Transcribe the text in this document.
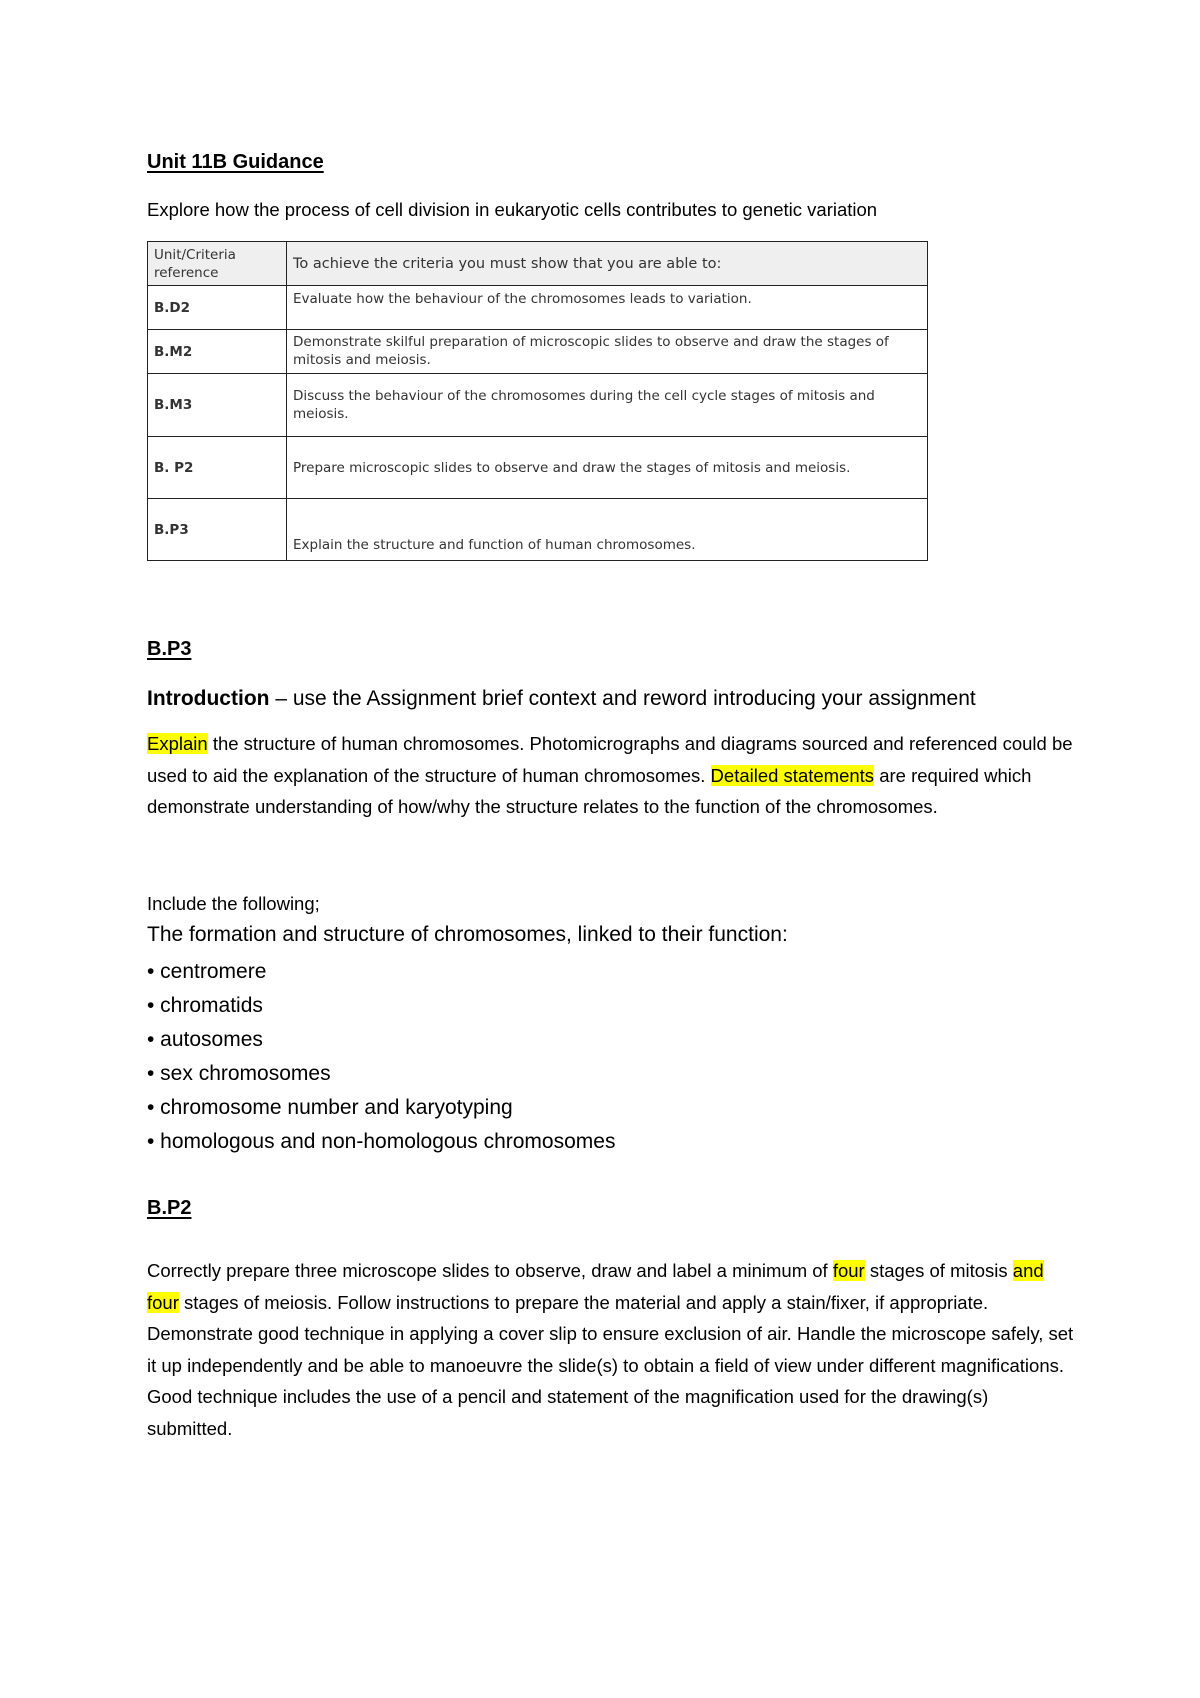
Unit 11B Guidance
Explore how the process of cell division in eukaryotic cells contributes to genetic variation
Unit/Criteria reference	To achieve the criteria you must show that you are able to:
B.D2	Evaluate how the behaviour of the chromosomes leads to variation.
B.M2	Demonstrate skilful preparation of microscopic slides to observe and draw the stages of mitosis and meiosis.
B.M3	Discuss the behaviour of the chromosomes during the cell cycle stages of mitosis and meiosis.
B. P2	Prepare microscopic slides to observe and draw the stages of mitosis and meiosis.
B.P3	Explain the structure and function of human chromosomes.
B.P3
Introduction – use the Assignment brief context and reword introducing your assignment
Explain the structure of human chromosomes. Photomicrographs and diagrams sourced and referenced could be used to aid the explanation of the structure of human chromosomes. Detailed statements are required which demonstrate understanding of how/why the structure relates to the function of the chromosomes.
Include the following;
The formation and structure of chromosomes, linked to their function:
• centromere
• chromatids
• autosomes
• sex chromosomes
• chromosome number and karyotyping
• homologous and non-homologous chromosomes
B.P2
Correctly prepare three microscope slides to observe, draw and label a minimum of four stages of mitosis and four stages of meiosis. Follow instructions to prepare the material and apply a stain/fixer, if appropriate. Demonstrate good technique in applying a cover slip to ensure exclusion of air. Handle the microscope safely, set it up independently and be able to manoeuvre the slide(s) to obtain a field of view under different magnifications. Good technique includes the use of a pencil and statement of the magnification used for the drawing(s) submitted.
